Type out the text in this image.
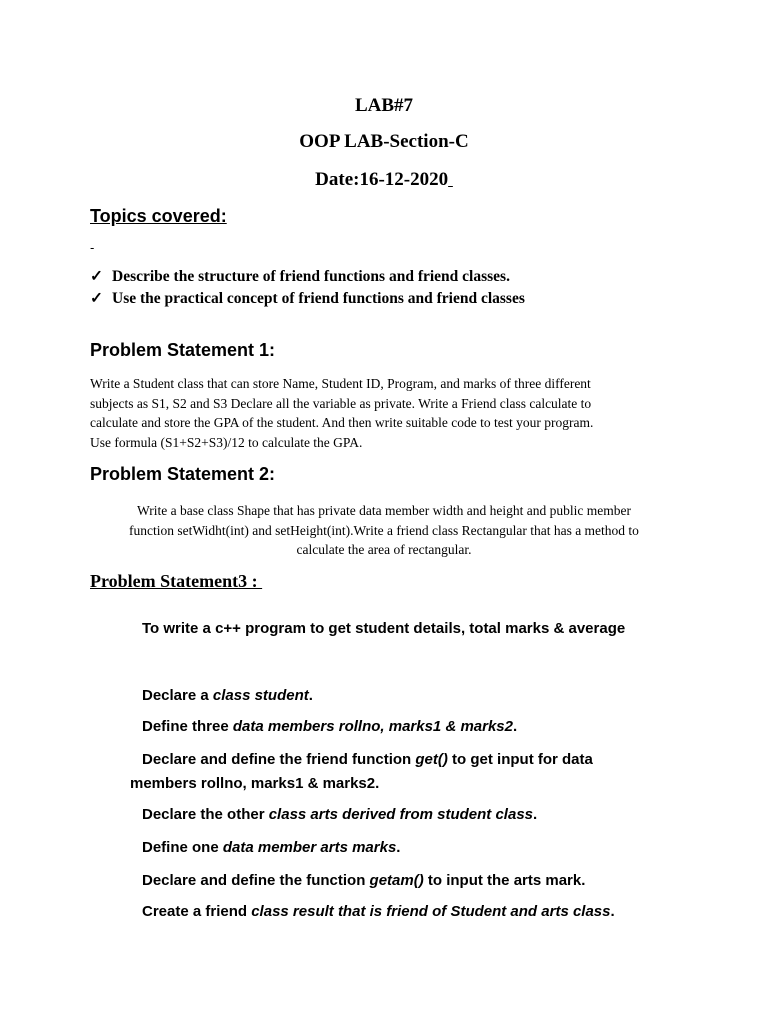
LAB#7
OOP LAB-Section-C
Date:16-12-2020
Topics covered:
-
✓ Describe the structure of friend functions and friend classes.
✓ Use the practical concept of friend functions and friend classes
Problem Statement 1:
Write a Student class that can store Name, Student ID, Program, and marks of three different
subjects as S1, S2 and S3 Declare all the variable as private. Write a Friend class calculate to
calculate and store the GPA of the student. And then write suitable code to test your program.
Use formula (S1+S2+S3)/12 to calculate the GPA.
Problem Statement 2:
Write a base class Shape that has private data member width and height and public member
function setWidht(int) and setHeight(int).Write a friend class Rectangular that has a method to
calculate the area of rectangular.
Problem Statement3 :
To write a c++ program to get student details, total marks & average
Declare a class student.
Define three data members rollno, marks1 & marks2.
Declare and define the friend function get() to get input for data
members rollno, marks1 & marks2.
Declare the other class arts derived from student class.
Define one data member arts marks.
Declare and define the function getam() to input the arts mark.
Create a friend class result that is friend of Student and arts class.
